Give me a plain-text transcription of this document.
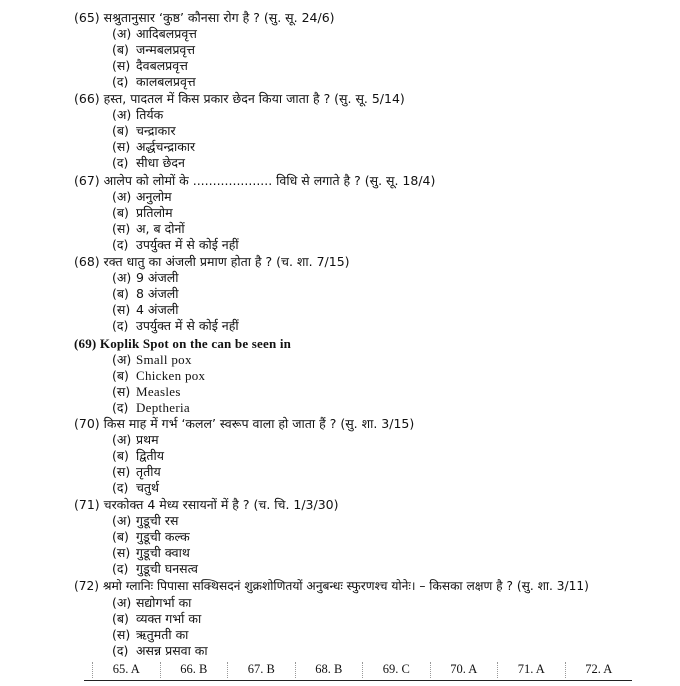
(65) सश्रुतानुसार ‘कुष्ठ’ कौनसा रोग है ? (सु. सू. 24/6)
(अ) आदिबलप्रवृत्त
(ब) जन्मबलप्रवृत्त
(स) दैवबलप्रवृत्त
(द) कालबलप्रवृत्त
(66) हस्त, पादतल में किस प्रकार छेदन किया जाता है ? (सु. सू. 5/14)
(अ) तिर्यक
(ब) चन्द्राकार
(स) अर्द्धचन्द्राकार
(द) सीधा छेदन
(67) आलेप को लोमों के .................... विधि से लगाते है ? (सु. सू. 18/4)
(अ) अनुलोम
(ब) प्रतिलोम
(स) अ, ब दोनों
(द) उपर्युक्त में से कोई नहीं
(68) रक्त धातु का अंजली प्रमाण होता है ? (च. शा. 7/15)
(अ) 9 अंजली
(ब) 8 अंजली
(स) 4 अंजली
(द) उपर्युक्त में से कोई नहीं
(69) Koplik Spot on the can be seen in
(अ) Small pox
(ब) Chicken pox
(स) Measles
(द) Deptheria
(70) किस माह में गर्भ ‘कलल’ स्वरूप वाला हो जाता हैं ? (सु. शा. 3/15)
(अ) प्रथम
(ब) द्वितीय
(स) तृतीय
(द) चतुर्थ
(71) चरकोक्त 4 मेध्य रसायनों में है ? (च. चि. 1/3/30)
(अ) गुडूची रस
(ब) गुडूची कल्क
(स) गुडूची क्वाथ
(द) गुडूची घनसत्व
(72) श्रमो ग्लानिः पिपासा सक्थिसदनं शुक्रशोणितयों अनुबन्धः स्फुरणश्च योनेः। – किसका लक्षण है ? (सु. शा. 3/11)
(अ) सद्योगर्भा का
(ब) व्यक्त गर्भा का
(स) ऋतुमती का
(द) असन्न प्रसवा का
65. A	66. B	67. B	68. B	69. C	70. A	71. A	72. A
